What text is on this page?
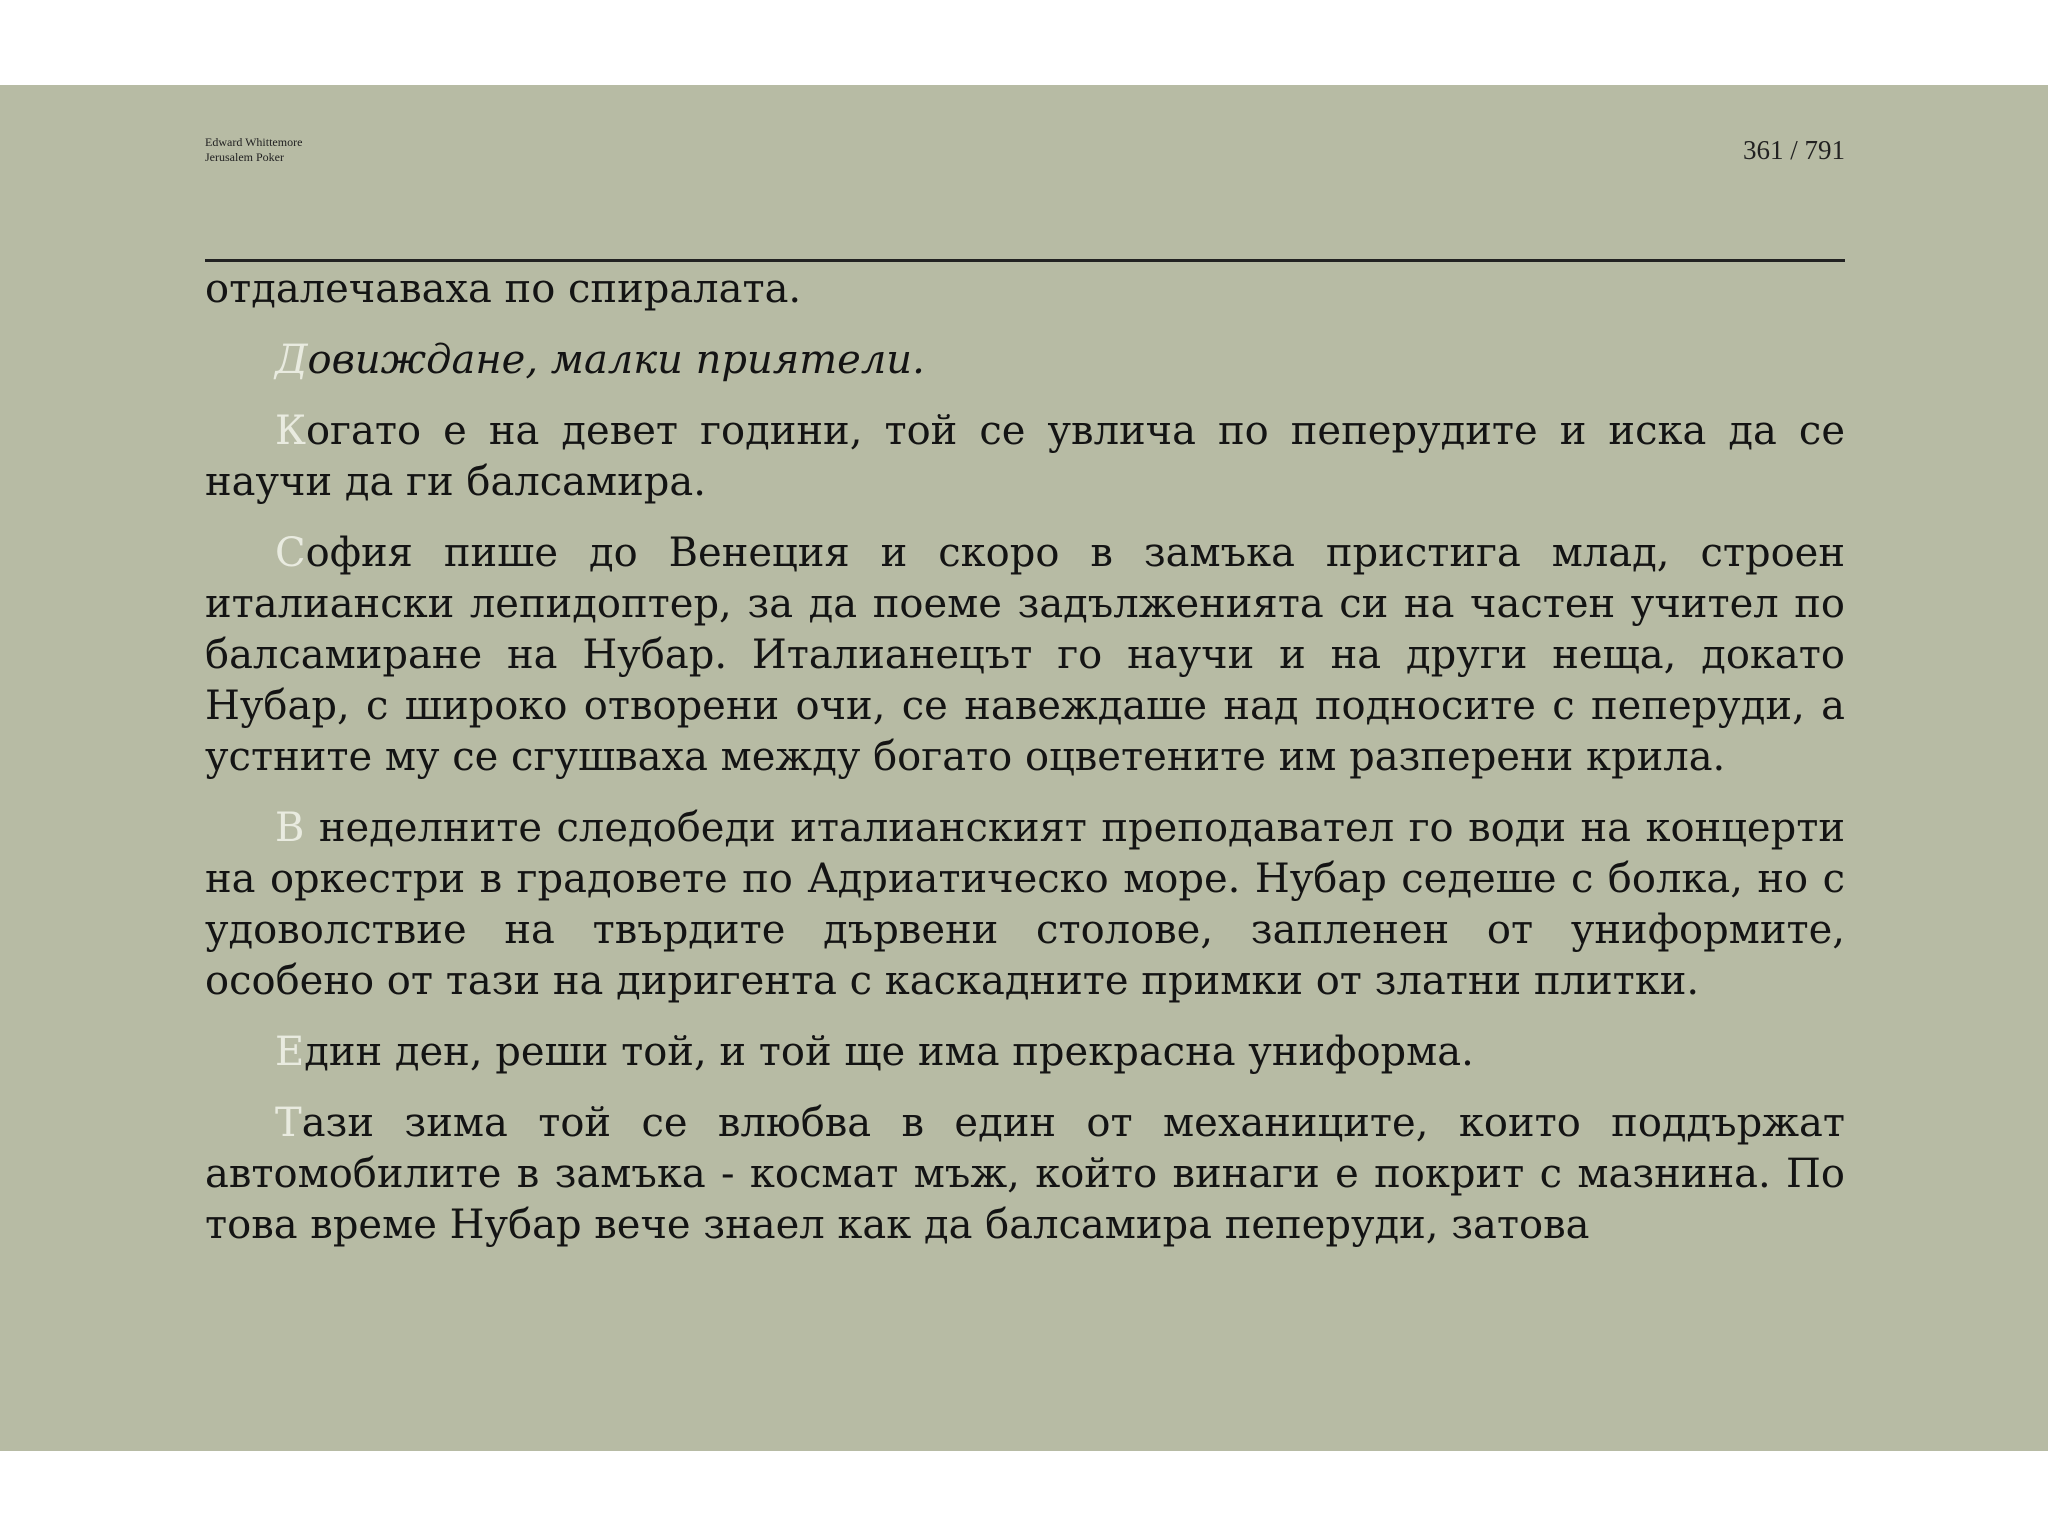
Edward Whittemore
Jerusalem Poker	361 / 791

отдалечаваха по спиралата.

Довиждане, малки приятели.

Когато е на девет години, той се увлича по пеперудите и иска да се научи да ги балсамира.

София пише до Венеция и скоро в замъка пристига млад, строен италиански лепидоптер, за да поеме задълженията си на частен учител по балсамиране на Нубар. Италианецът го научи и на други неща, докато Нубар, с широко отворени очи, се навеждаше над подносите с пеперуди, а устните му се сгушваха между богато оцветените им разперени крила.

В неделните следобеди италианският преподавател го води на концерти на оркестри в градовете по Адриатическо море. Нубар седеше с болка, но с удоволствие на твърдите дървени столове, запленен от униформите, особено от тази на диригента с каскадните примки от златни плитки.

Един ден, реши той, и той ще има прекрасна униформа.

Тази зима той се влюбва в един от механиците, които поддържат автомобилите в замъка - космат мъж, който винаги е покрит с мазнина. По това време Нубар вече знаел как да балсамира пеперуди, затова
